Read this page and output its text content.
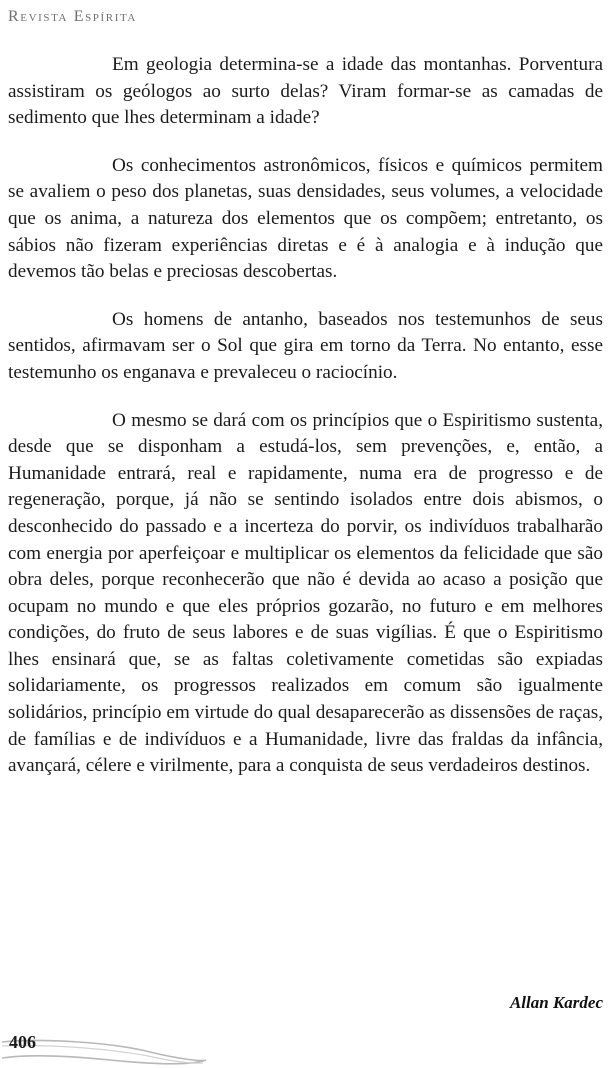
Revista Espírita

Em geologia determina-se a idade das montanhas. Porventura assistiram os geólogos ao surto delas? Viram formar-se as camadas de sedimento que lhes determinam a idade?

Os conhecimentos astronômicos, físicos e químicos permitem se avaliem o peso dos planetas, suas densidades, seus volumes, a velocidade que os anima, a natureza dos elementos que os compõem; entretanto, os sábios não fizeram experiências diretas e é à analogia e à indução que devemos tão belas e preciosas descobertas.

Os homens de antanho, baseados nos testemunhos de seus sentidos, afirmavam ser o Sol que gira em torno da Terra. No entanto, esse testemunho os enganava e prevaleceu o raciocínio.

O mesmo se dará com os princípios que o Espiritismo sustenta, desde que se disponham a estudá-los, sem prevenções, e, então, a Humanidade entrará, real e rapidamente, numa era de progresso e de regeneração, porque, já não se sentindo isolados entre dois abismos, o desconhecido do passado e a incerteza do porvir, os indivíduos trabalharão com energia por aperfeiçoar e multiplicar os elementos da felicidade que são obra deles, porque reconhecerão que não é devida ao acaso a posição que ocupam no mundo e que eles próprios gozarão, no futuro e em melhores condições, do fruto de seus labores e de suas vigílias. É que o Espiritismo lhes ensinará que, se as faltas coletivamente cometidas são expiadas solidariamente, os progressos realizados em comum são igualmente solidários, princípio em virtude do qual desaparecerão as dissensões de raças, de famílias e de indivíduos e a Humanidade, livre das fraldas da infância, avançará, célere e virilmente, para a conquista de seus verdadeiros destinos.

Allan Kardec
406
